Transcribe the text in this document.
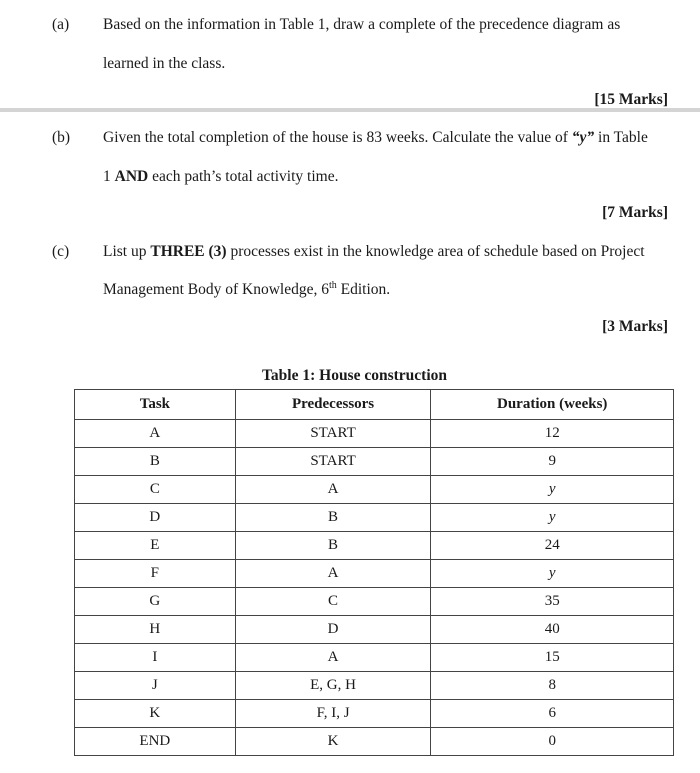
(a) Based on the information in Table 1, draw a complete of the precedence diagram as
learned in the class.
[15 Marks]
(b) Given the total completion of the house is 83 weeks. Calculate the value of “y” in Table
1 AND each path’s total activity time.
[7 Marks]
(c) List up THREE (3) processes exist in the knowledge area of schedule based on Project
Management Body of Knowledge, 6th Edition.
[3 Marks]
Table 1: House construction
Task	Predecessors	Duration (weeks)
A	START	12
B	START	9
C	A	y
D	B	y
E	B	24
F	A	y
G	C	35
H	D	40
I	A	15
J	E, G, H	8
K	F, I, J	6
END	K	0
